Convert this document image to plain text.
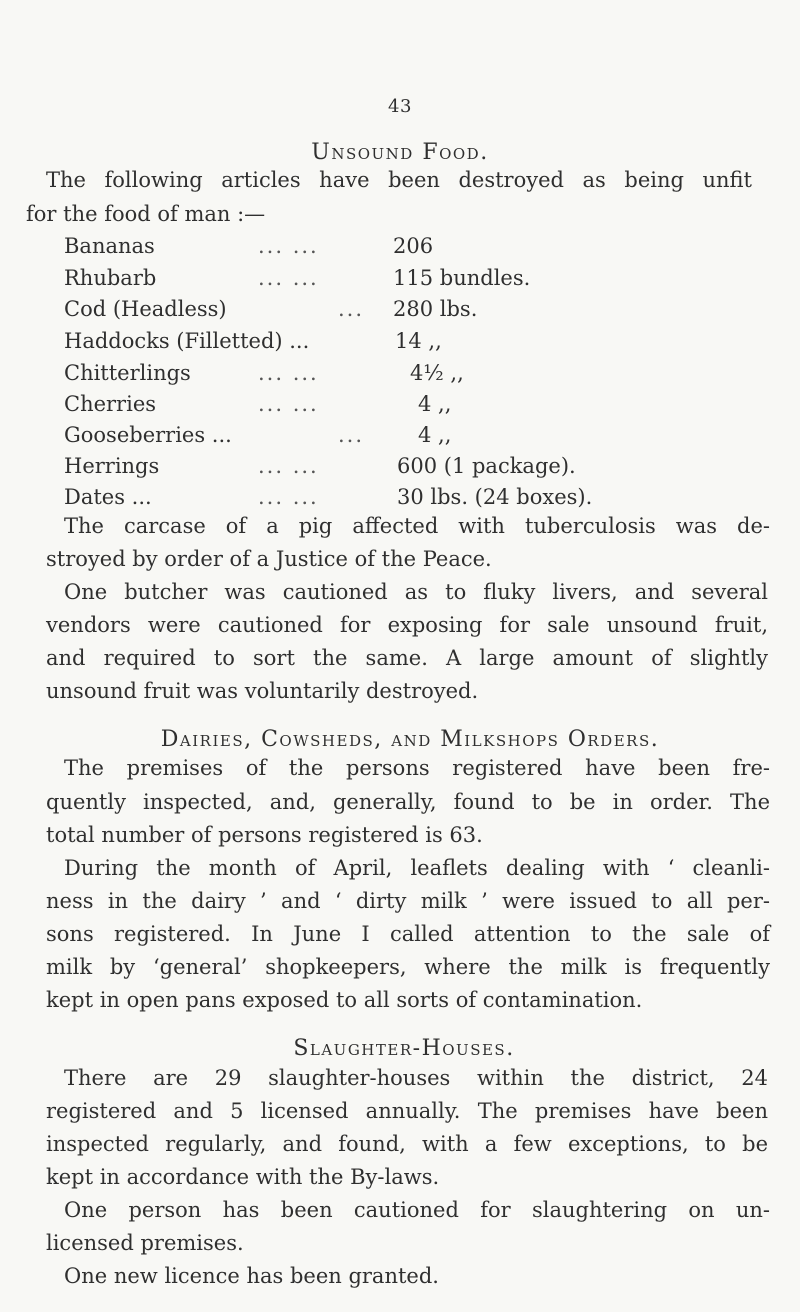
43
Unsound Food.
The following articles have been destroyed as being unfit
for the food of man :—
Bananas	... ...	206
Rhubarb	... ...	115 bundles.
Cod (Headless)	... 280 lbs.
Haddocks (Filletted) ...	14 ,,
Chitterlings	... ...	4½ ,,
Cherries	... ...	4 ,,
Gooseberries ...	...	4 ,,
Herrings	... ...	600 (1 package).
Dates ...	... ...	30 lbs. (24 boxes).
The carcase of a pig affected with tuberculosis was de-
stroyed by order of a Justice of the Peace.
One butcher was cautioned as to fluky livers, and several
vendors were cautioned for exposing for sale unsound fruit,
and required to sort the same. A large amount of slightly
unsound fruit was voluntarily destroyed.
Dairies, Cowsheds, and Milkshops Orders.
The premises of the persons registered have been fre-
quently inspected, and, generally, found to be in order. The
total number of persons registered is 63.
During the month of April, leaflets dealing with ‘ cleanli-
ness in the dairy ’ and ‘ dirty milk ’ were issued to all per-
sons registered. In June I called attention to the sale of
milk by ‘general’ shopkeepers, where the milk is frequently
kept in open pans exposed to all sorts of contamination.
Slaughter-Houses.
There are 29 slaughter-houses within the district, 24
registered and 5 licensed annually. The premises have been
inspected regularly, and found, with a few exceptions, to be
kept in accordance with the By-laws.
One person has been cautioned for slaughtering on un-
licensed premises.
One new licence has been granted.
